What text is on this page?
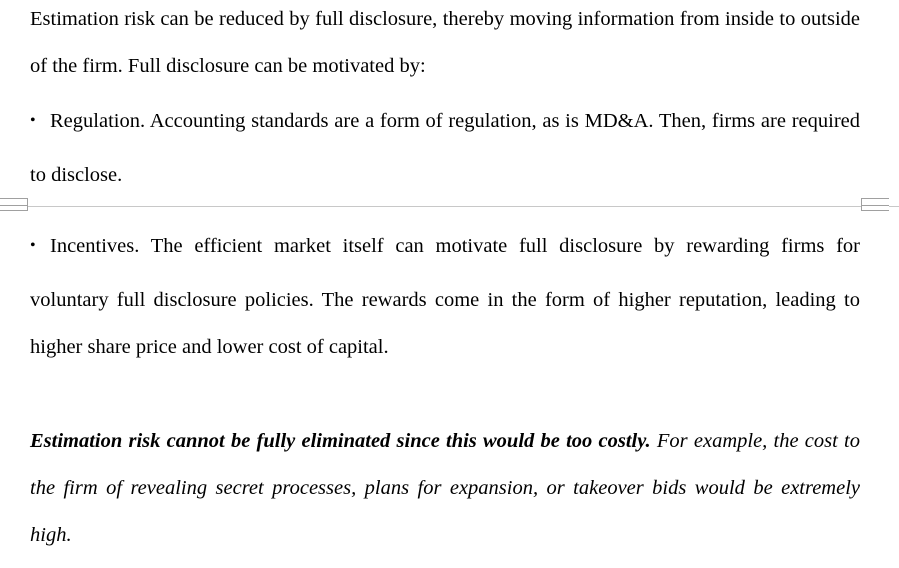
Estimation risk can be reduced by full disclosure, thereby moving information from inside to outside
of the firm. Full disclosure can be motivated by:
• Regulation. Accounting standards are a form of regulation, as is MD&A. Then, firms are required
to disclose.
• Incentives. The efficient market itself can motivate full disclosure by rewarding firms for
voluntary full disclosure policies. The rewards come in the form of higher reputation, leading to
higher share price and lower cost of capital.
Estimation risk cannot be fully eliminated since this would be too costly. For example, the cost to
the firm of revealing secret processes, plans for expansion, or takeover bids would be extremely
high.
